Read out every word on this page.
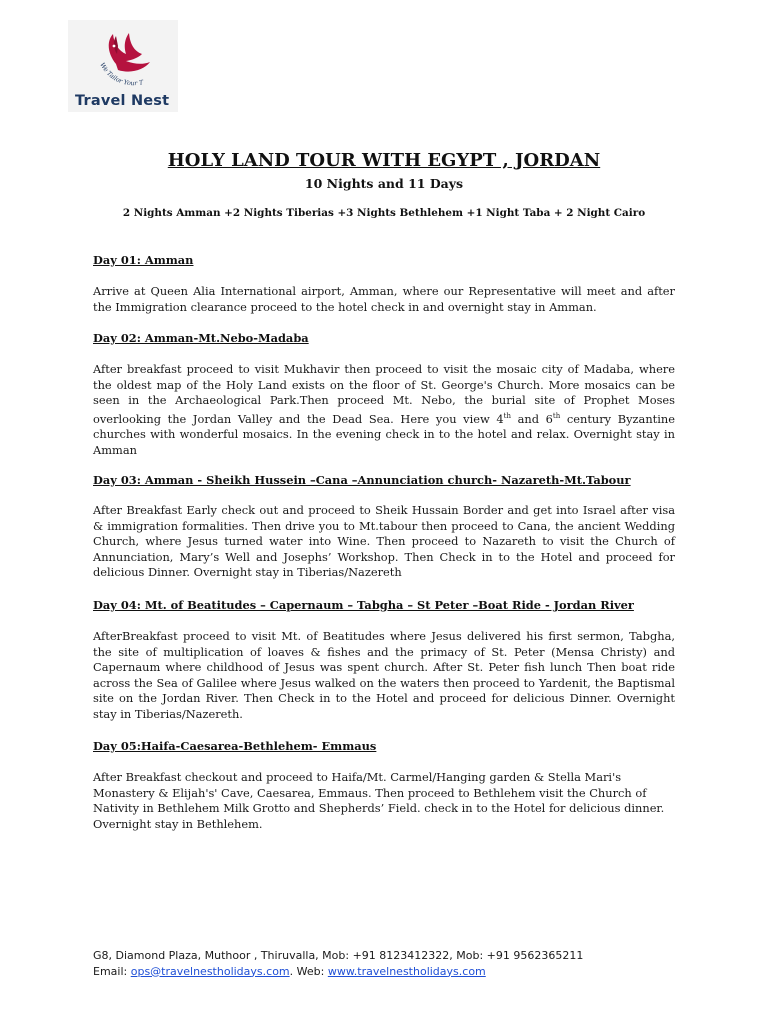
We Tailor Your T
Travel Nest
HOLY LAND TOUR WITH EGYPT , JORDAN
10 Nights and 11 Days
2 Nights Amman +2 Nights Tiberias +3 Nights Bethlehem +1 Night Taba + 2 Night Cairo
Day 01: Amman
Arrive at Queen Alia International airport, Amman, where our Representative will meet and after the Immigration clearance proceed to the hotel check in and overnight stay in Amman.
Day 02: Amman-Mt.Nebo-Madaba
After breakfast proceed to visit Mukhavir then proceed to visit the mosaic city of Madaba, where the oldest map of the Holy Land exists on the floor of St. George's Church. More mosaics can be seen in the Archaeological Park.Then proceed Mt. Nebo, the burial site of Prophet Moses overlooking the Jordan Valley and the Dead Sea. Here you view 4th and 6th century Byzantine churches with wonderful mosaics. In the evening check in to the hotel and relax. Overnight stay in Amman
Day 03: Amman - Sheikh Hussein –Cana –Annunciation church- Nazareth-Mt.Tabour
After Breakfast Early check out and proceed to Sheik Hussain Border and get into Israel after visa & immigration formalities. Then drive you to Mt.tabour then proceed to Cana, the ancient Wedding Church, where Jesus turned water into Wine. Then proceed to Nazareth to visit the Church of Annunciation, Mary’s Well and Josephs’ Workshop. Then Check in to the Hotel and proceed for delicious Dinner. Overnight stay in Tiberias/Nazereth
Day 04: Mt. of Beatitudes – Capernaum – Tabgha – St Peter –Boat Ride - Jordan River
AfterBreakfast proceed to visit Mt. of Beatitudes where Jesus delivered his first sermon, Tabgha, the site of multiplication of loaves & fishes and the primacy of St. Peter (Mensa Christy) and Capernaum where childhood of Jesus was spent church. After St. Peter fish lunch Then boat ride across the Sea of Galilee where Jesus walked on the waters then proceed to Yardenit, the Baptismal site on the Jordan River. Then Check in to the Hotel and proceed for delicious Dinner. Overnight stay in Tiberias/Nazereth.
Day 05:Haifa-Caesarea-Bethlehem- Emmaus
After Breakfast checkout and proceed to Haifa/Mt. Carmel/Hanging garden & Stella Mari's Monastery & Elijah's' Cave, Caesarea, Emmaus. Then proceed to Bethlehem visit the Church of Nativity in Bethlehem Milk Grotto and Shepherds’ Field. check in to the Hotel for delicious dinner. Overnight stay in Bethlehem.
G8, Diamond Plaza, Muthoor , Thiruvalla, Mob: +91 8123412322, Mob: +91 9562365211
Email: ops@travelnestholidays.com. Web: www.travelnestholidays.com
